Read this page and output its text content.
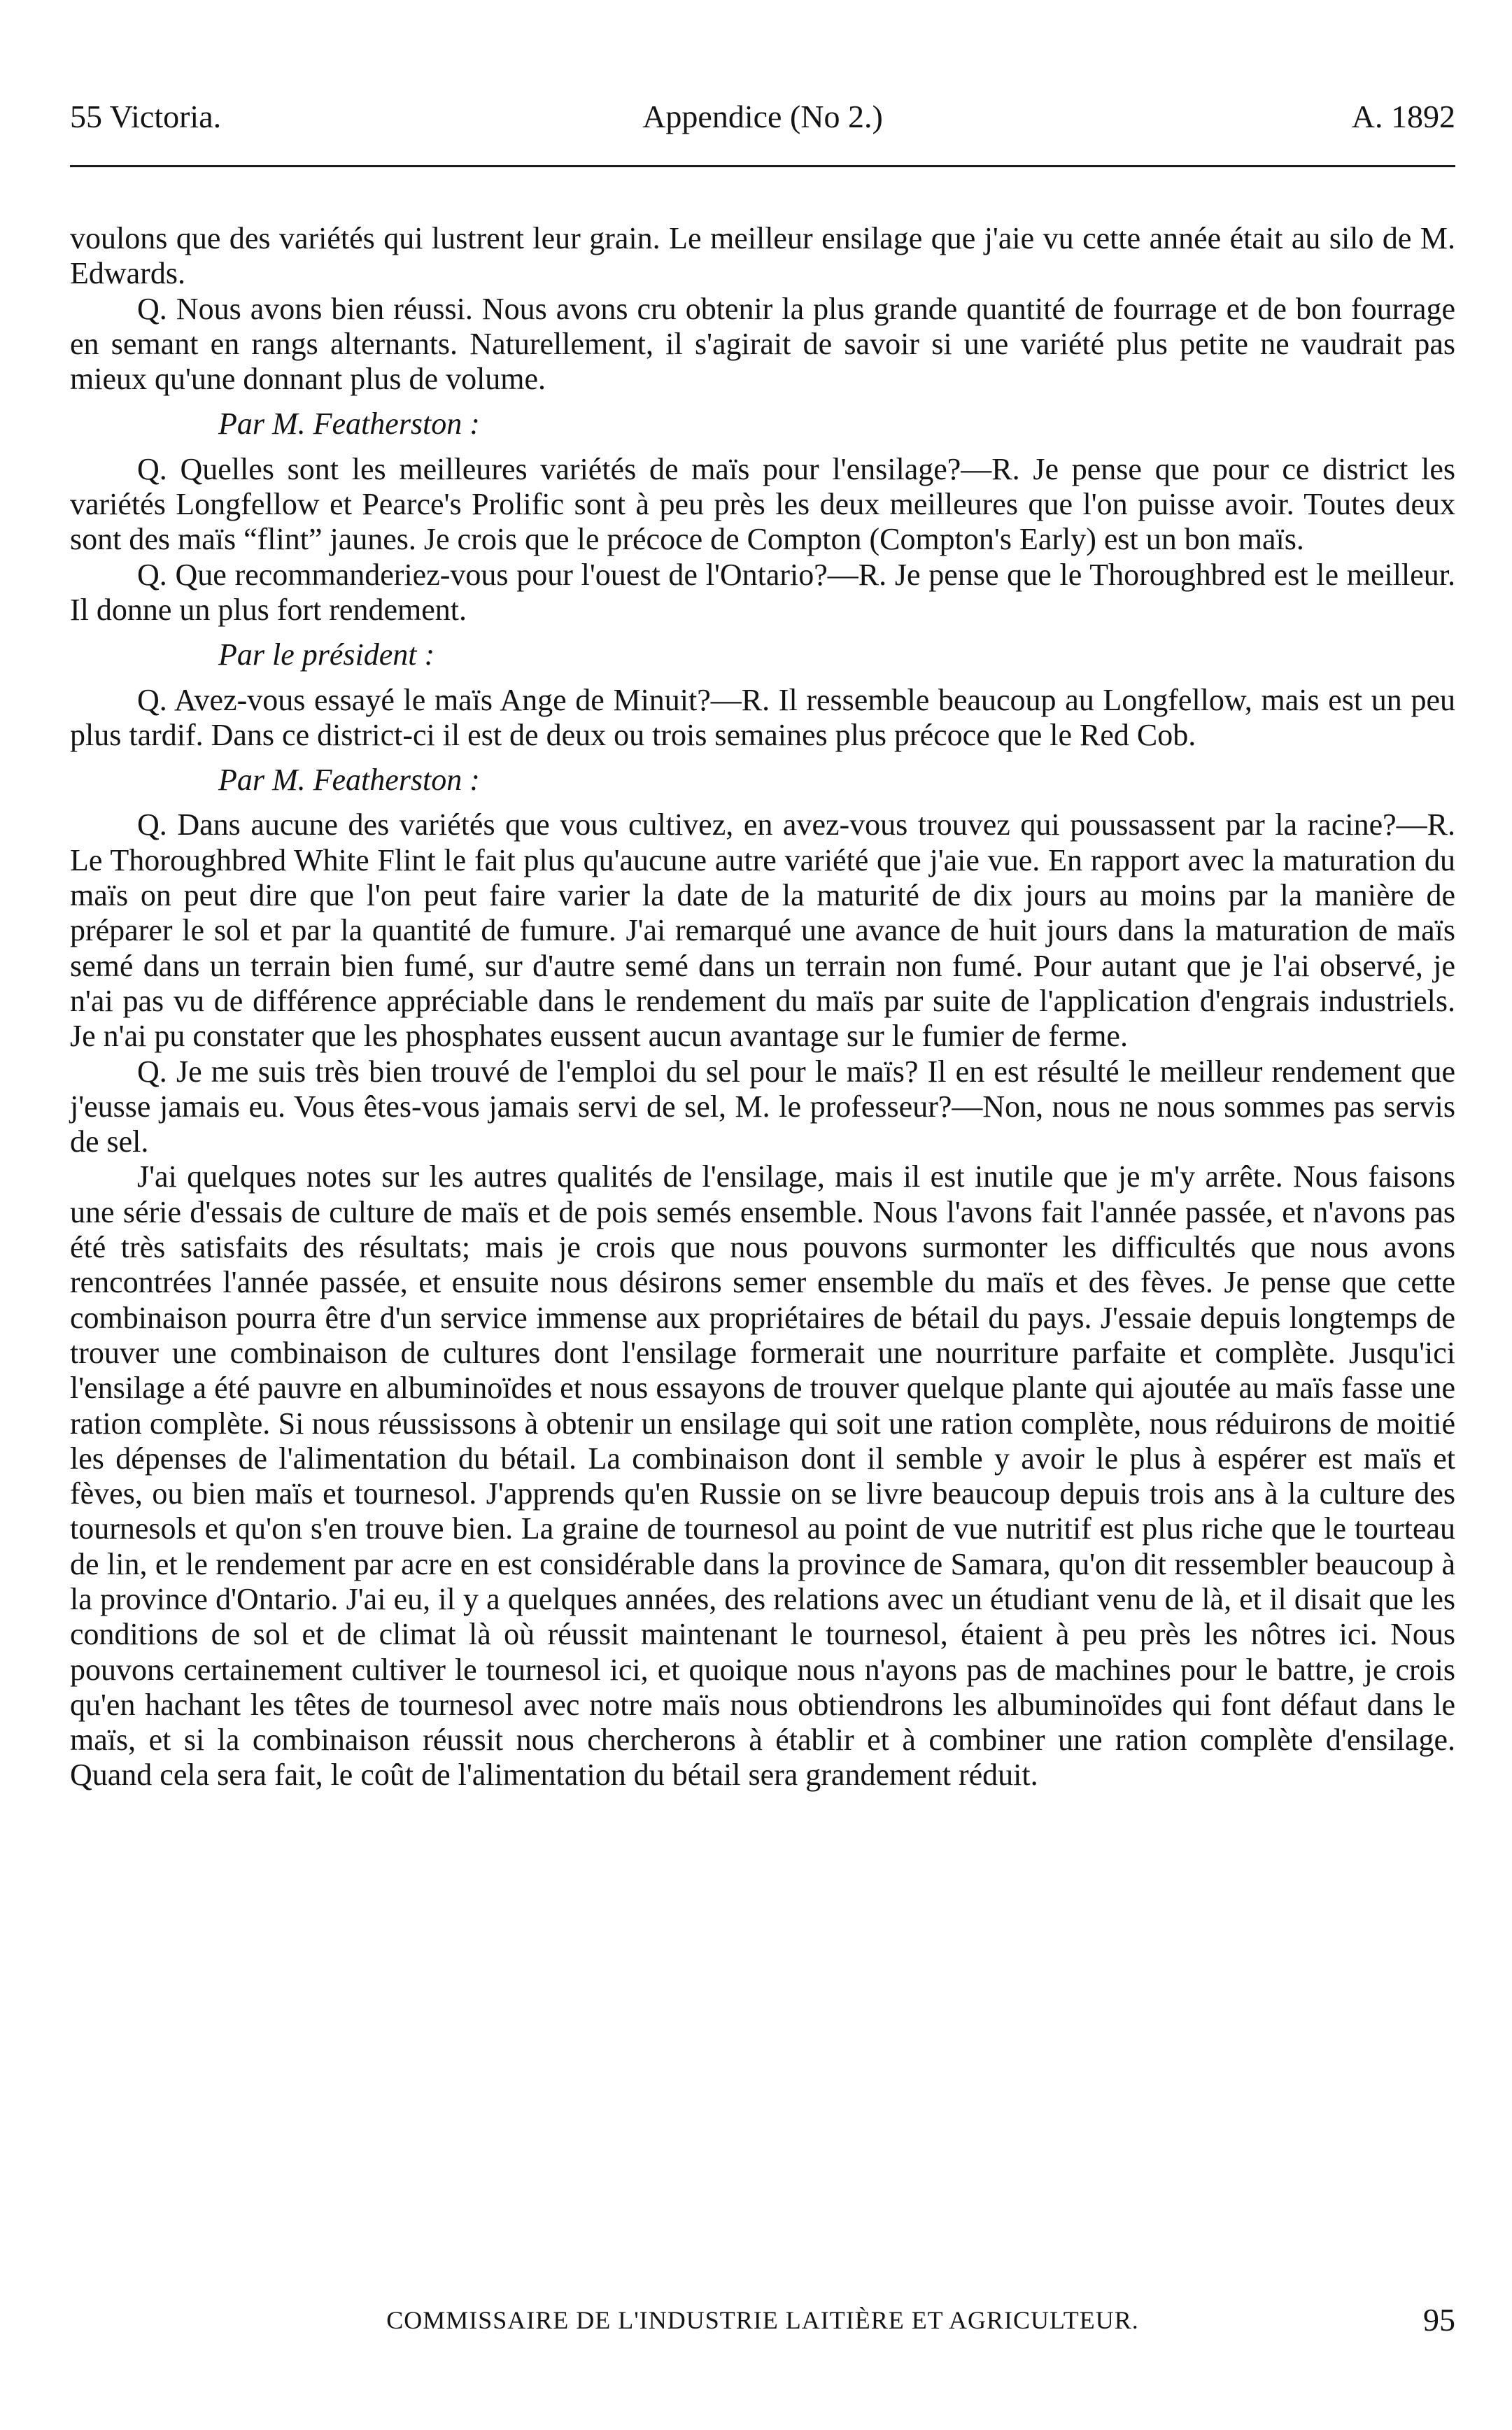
55 Victoria.	Appendice (No 2.)	A. 1892

voulons que des variétés qui lustrent leur grain. Le meilleur ensilage que j'aie vu cette année était au silo de M. Edwards.

Q. Nous avons bien réussi. Nous avons cru obtenir la plus grande quantité de fourrage et de bon fourrage en semant en rangs alternants. Naturellement, il s'agirait de savoir si une variété plus petite ne vaudrait pas mieux qu'une donnant plus de volume.

Par M. Featherston :

Q. Quelles sont les meilleures variétés de maïs pour l'ensilage?—R. Je pense que pour ce district les variétés Longfellow et Pearce's Prolific sont à peu près les deux meilleures que l'on puisse avoir. Toutes deux sont des maïs “flint” jaunes. Je crois que le précoce de Compton (Compton's Early) est un bon maïs.

Q. Que recommanderiez-vous pour l'ouest de l'Ontario?—R. Je pense que le Thoroughbred est le meilleur. Il donne un plus fort rendement.

Par le président :

Q. Avez-vous essayé le maïs Ange de Minuit?—R. Il ressemble beaucoup au Longfellow, mais est un peu plus tardif. Dans ce district-ci il est de deux ou trois semaines plus précoce que le Red Cob.

Par M. Featherston :

Q. Dans aucune des variétés que vous cultivez, en avez-vous trouvez qui poussassent par la racine?—R. Le Thoroughbred White Flint le fait plus qu'aucune autre variété que j'aie vue. En rapport avec la maturation du maïs on peut dire que l'on peut faire varier la date de la maturité de dix jours au moins par la manière de préparer le sol et par la quantité de fumure. J'ai remarqué une avance de huit jours dans la maturation de maïs semé dans un terrain bien fumé, sur d'autre semé dans un terrain non fumé. Pour autant que je l'ai observé, je n'ai pas vu de différence appréciable dans le rendement du maïs par suite de l'application d'engrais industriels. Je n'ai pu constater que les phosphates eussent aucun avantage sur le fumier de ferme.

Q. Je me suis très bien trouvé de l'emploi du sel pour le maïs? Il en est résulté le meilleur rendement que j'eusse jamais eu. Vous êtes-vous jamais servi de sel, M. le professeur?—Non, nous ne nous sommes pas servis de sel.

J'ai quelques notes sur les autres qualités de l'ensilage, mais il est inutile que je m'y arrête. Nous faisons une série d'essais de culture de maïs et de pois semés ensemble. Nous l'avons fait l'année passée, et n'avons pas été très satisfaits des résultats; mais je crois que nous pouvons surmonter les difficultés que nous avons rencontrées l'année passée, et ensuite nous désirons semer ensemble du maïs et des fèves. Je pense que cette combinaison pourra être d'un service immense aux propriétaires de bétail du pays. J'essaie depuis longtemps de trouver une combinaison de cultures dont l'ensilage formerait une nourriture parfaite et complète. Jusqu'ici l'ensilage a été pauvre en albuminoïdes et nous essayons de trouver quelque plante qui ajoutée au maïs fasse une ration complète. Si nous réussissons à obtenir un ensilage qui soit une ration complète, nous réduirons de moitié les dépenses de l'alimentation du bétail. La combinaison dont il semble y avoir le plus à espérer est maïs et fèves, ou bien maïs et tournesol. J'apprends qu'en Russie on se livre beaucoup depuis trois ans à la culture des tournesols et qu'on s'en trouve bien. La graine de tournesol au point de vue nutritif est plus riche que le tourteau de lin, et le rendement par acre en est considérable dans la province de Samara, qu'on dit ressembler beaucoup à la province d'Ontario. J'ai eu, il y a quelques années, des relations avec un étudiant venu de là, et il disait que les conditions de sol et de climat là où réussit maintenant le tournesol, étaient à peu près les nôtres ici. Nous pouvons certainement cultiver le tournesol ici, et quoique nous n'ayons pas de machines pour le battre, je crois qu'en hachant les têtes de tournesol avec notre maïs nous obtiendrons les albuminoïdes qui font défaut dans le maïs, et si la combinaison réussit nous chercherons à établir et à combiner une ration complète d'ensilage. Quand cela sera fait, le coût de l'alimentation du bétail sera grandement réduit.

COMMISSAIRE DE L'INDUSTRIE LAITIÈRE ET AGRICULTEUR.	95
